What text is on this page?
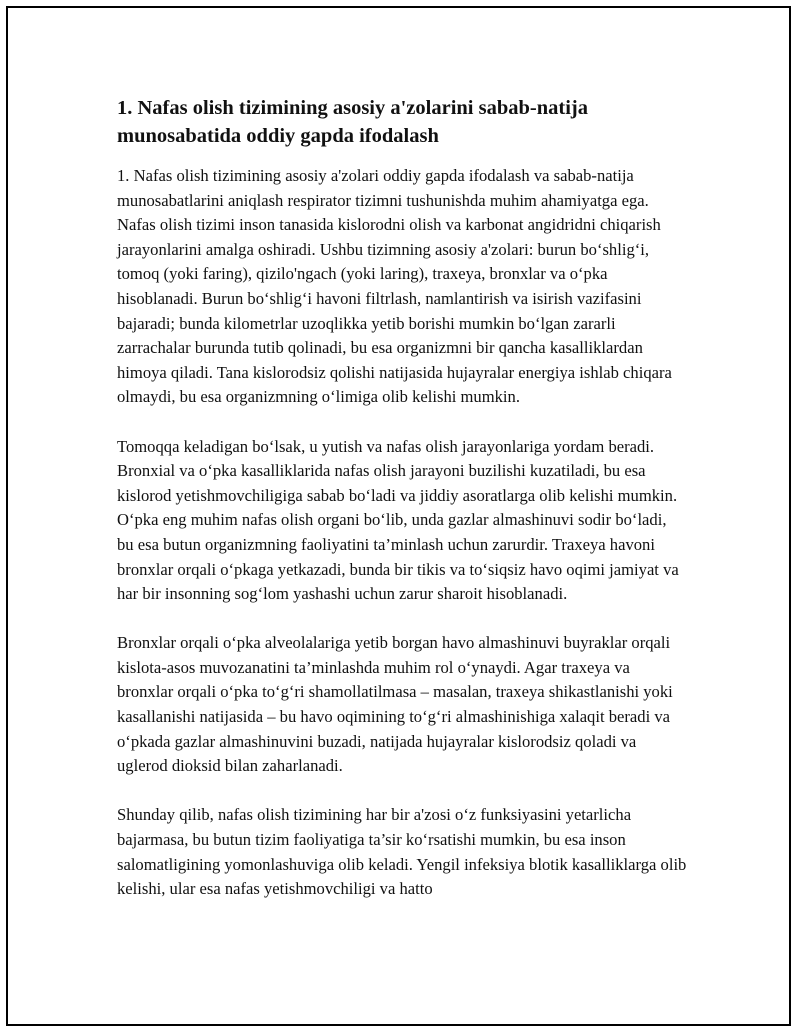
1. Nafas olish tizimining asosiy a'zolarini sabab-natija munosabatida oddiy gapda ifodalash

1. Nafas olish tizimining asosiy a'zolari oddiy gapda ifodalash va sabab-natija munosabatlarini aniqlash respirator tizimni tushunishda muhim ahamiyatga ega. Nafas olish tizimi inson tanasida kislorodni olish va karbonat angidridni chiqarish jarayonlarini amalga oshiradi. Ushbu tizimning asosiy a'zolari: burun bo‘shlig‘i, tomoq (yoki faring), qizilo'ngach (yoki laring), traxeya, bronxlar va o‘pka hisoblanadi. Burun bo‘shlig‘i havoni filtrlash, namlantirish va isirish vazifasini bajaradi; bunda kilometrlar uzoqlikka yetib borishi mumkin bo‘lgan zararli zarrachalar burunda tutib qolinadi, bu esa organizmni bir qancha kasalliklardan himoya qiladi. Tana kislorodsiz qolishi natijasida hujayralar energiya ishlab chiqara olmaydi, bu esa organizmning o‘limiga olib kelishi mumkin.

Tomoqqa keladigan bo‘lsak, u yutish va nafas olish jarayonlariga yordam beradi. Bronxial va o‘pka kasalliklarida nafas olish jarayoni buzilishi kuzatiladi, bu esa kislorod yetishmovchiligiga sabab bo‘ladi va jiddiy asoratlarga olib kelishi mumkin. O‘pka eng muhim nafas olish organi bo‘lib, unda gazlar almashinuvi sodir bo‘ladi, bu esa butun organizmning faoliyatini ta’minlash uchun zarurdir. Traxeya havoni bronxlar orqali o‘pkaga yetkazadi, bunda bir tikis va to‘siqsiz havo oqimi jamiyat va har bir insonning sog‘lom yashashi uchun zarur sharoit hisoblanadi.

Bronxlar orqali o‘pka alveolalariga yetib borgan havo almashinuvi buyraklar orqali kislota-asos muvozanatini ta’minlashda muhim rol o‘ynaydi. Agar traxeya va bronxlar orqali o‘pka to‘g‘ri shamollatilmasa – masalan, traxeya shikastlanishi yoki kasallanishi natijasida – bu havo oqimining to‘g‘ri almashinishiga xalaqit beradi va o‘pkada gazlar almashinuvini buzadi, natijada hujayralar kislorodsiz qoladi va uglerod dioksid bilan zaharlanadi.

Shunday qilib, nafas olish tizimining har bir a'zosi o‘z funksiyasini yetarlicha bajarmasa, bu butun tizim faoliyatiga ta’sir ko‘rsatishi mumkin, bu esa inson salomatligining yomonlashuviga olib keladi. Yengil infeksiya blotik kasalliklarga olib kelishi, ular esa nafas yetishmovchiligi va hatto
